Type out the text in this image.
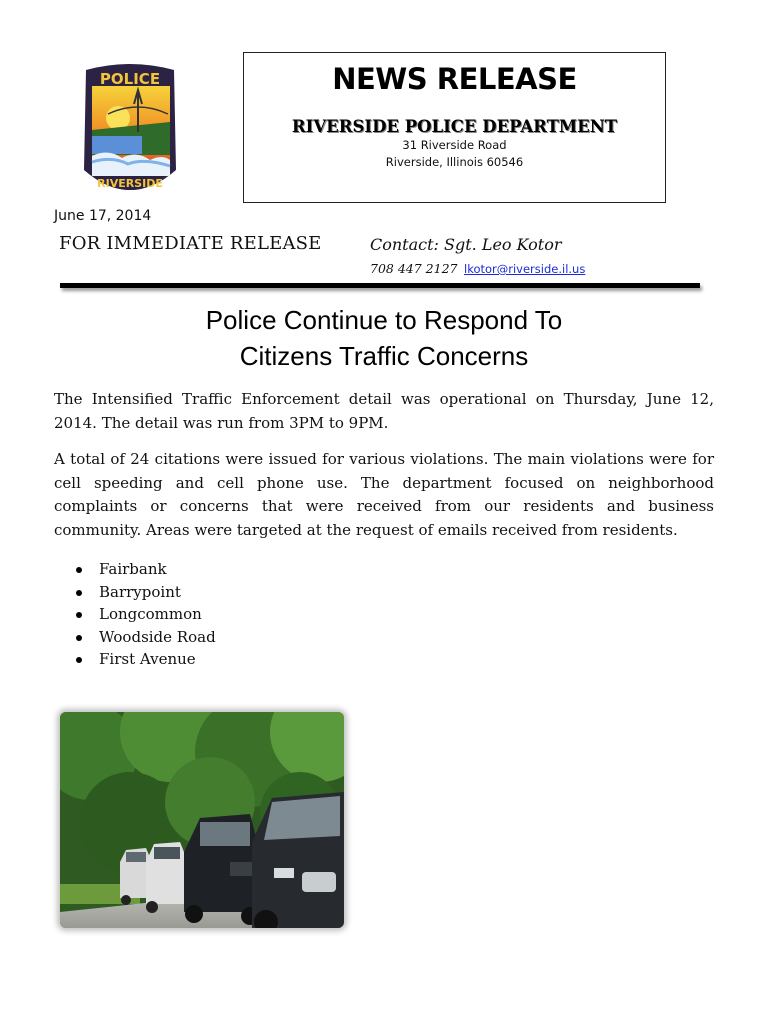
POLICE
RIVERSIDE
NEWS RELEASE
RIVERSIDE POLICE DEPARTMENT
31 Riverside Road
Riverside, Illinois 60546
June 17, 2014
FOR IMMEDIATE RELEASE	Contact: Sgt. Leo Kotor
708 447 2127 lkotor@riverside.il.us
Police Continue to Respond To
Citizens Traffic Concerns

The Intensified Traffic Enforcement detail was operational on Thursday, June 12, 2014. The detail was run from 3PM to 9PM.

A total of 24 citations were issued for various violations. The main violations were for cell speeding and cell phone use. The department focused on neighborhood complaints or concerns that were received from our residents and business community. Areas were targeted at the request of emails received from residents.

Fairbank
Barrypoint
Longcommon
Woodside Road
First Avenue
